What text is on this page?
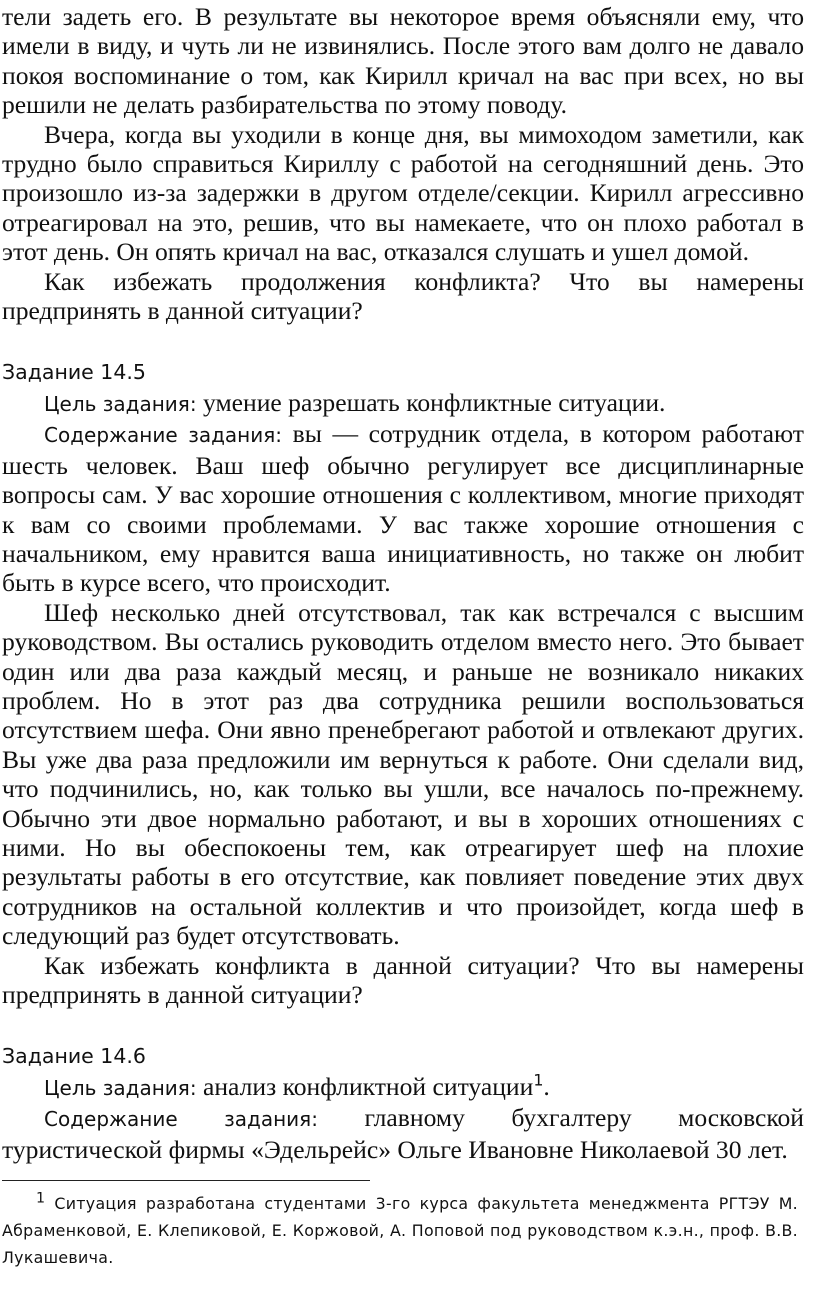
тели задеть его. В результате вы некоторое время объясняли ему, что имели в виду, и чуть ли не извинялись. После этого вам долго не давало покоя воспоминание о том, как Кирилл кричал на вас при всех, но вы решили не делать разбирательства по этому поводу.

Вчера, когда вы уходили в конце дня, вы мимоходом заметили, как трудно было справиться Кириллу с работой на сегодняшний день. Это произошло из-за задержки в другом отделе/секции. Кирилл агрессивно отреагировал на это, решив, что вы намекаете, что он плохо работал в этот день. Он опять кричал на вас, отказался слушать и ушел домой.

Как избежать продолжения конфликта? Что вы намерены предпринять в данной ситуации?

Задание 14.5

Цель задания: умение разрешать конфликтные ситуации.

Содержание задания: вы — сотрудник отдела, в котором работают шесть человек. Ваш шеф обычно регулирует все дисциплинарные вопросы сам. У вас хорошие отношения с коллективом, многие приходят к вам со своими проблемами. У вас также хорошие отношения с начальником, ему нравится ваша инициативность, но также он любит быть в курсе всего, что происходит.

Шеф несколько дней отсутствовал, так как встречался с высшим руководством. Вы остались руководить отделом вместо него. Это бывает один или два раза каждый месяц, и раньше не возникало никаких проблем. Но в этот раз два сотрудника решили воспользоваться отсутствием шефа. Они явно пренебрегают работой и отвлекают других. Вы уже два раза предложили им вернуться к работе. Они сделали вид, что подчинились, но, как только вы ушли, все началось по-прежнему. Обычно эти двое нормально работают, и вы в хороших отношениях с ними. Но вы обеспокоены тем, как отреагирует шеф на плохие результаты работы в его отсутствие, как повлияет поведение этих двух сотрудников на остальной коллектив и что произойдет, когда шеф в следующий раз будет отсутствовать.

Как избежать конфликта в данной ситуации? Что вы намерены предпринять в данной ситуации?

Задание 14.6

Цель задания: анализ конфликтной ситуации$^1$.

Содержание задания: главному бухгалтеру московской туристической фирмы «Эдельрейс» Ольге Ивановне Николаевой 30 лет.

$^1$ Ситуация разработана студентами 3-го курса факультета менеджмента РГТЭУ М. Абраменковой, Е. Клепиковой, Е. Коржовой, А. Поповой под руководством к.э.н., проф. В.В. Лукашевича.
